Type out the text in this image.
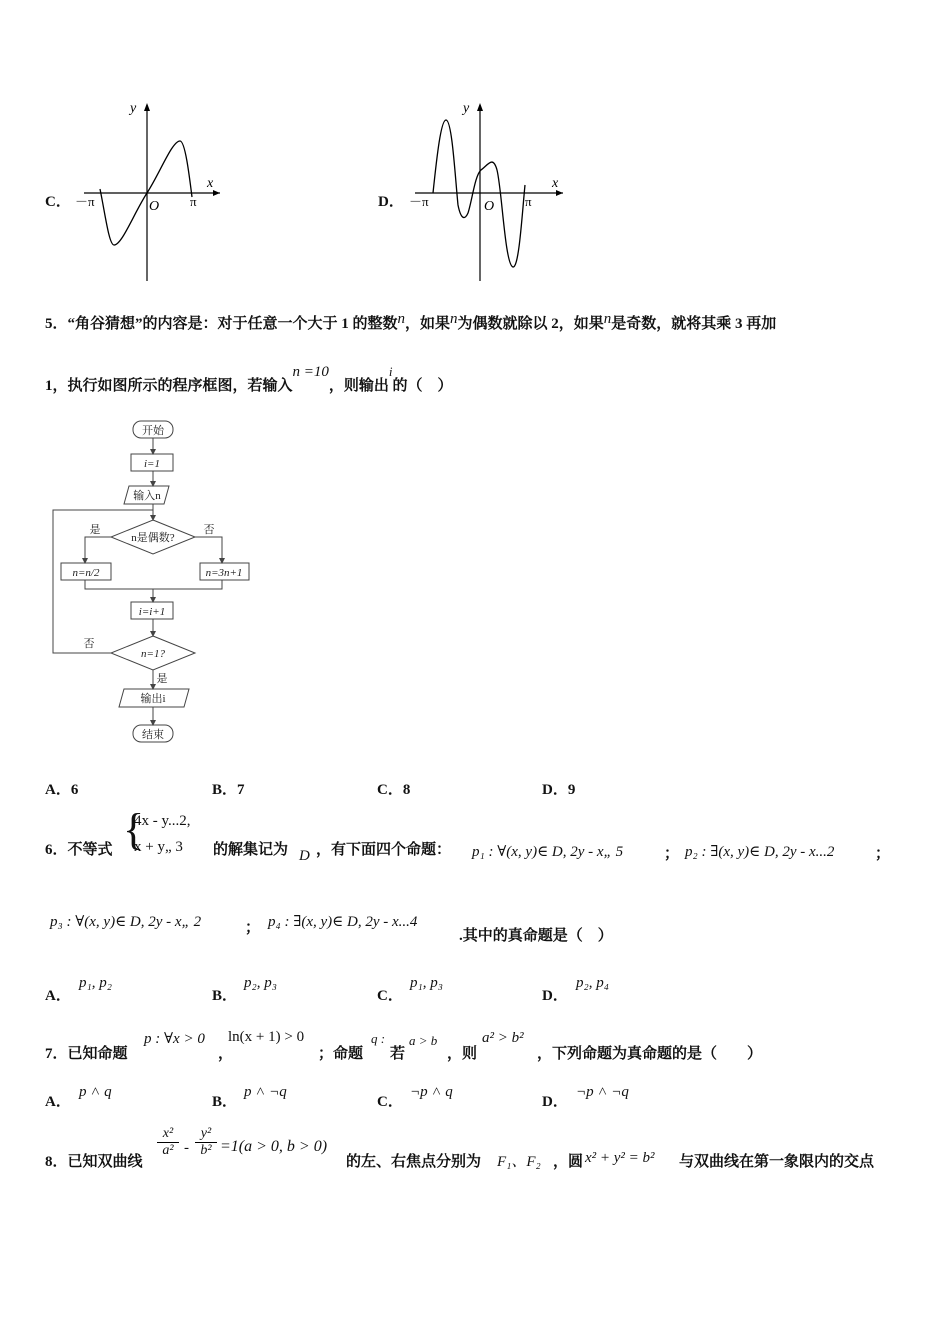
C．
y
x
－π	O π	D．
y
x
－π	O π
5．“角谷猜想”的内容是：对于任意一个大于 1 的整数n，如果n为偶数就除以 2，如果n是奇数，就将其乘 3 再加
1，执行如图所示的程序框图，若输入n =10，则输出i的（　）
开始
i=1
输入n
n是偶数?
是	否
n=n/2	n=3n+1
i=i+1
n=1?
否
是
输出i
结束
A．6	B．7	C．8	D．9
6．不等式 {
4x - y...2,
x + y„ 3 的解集记为 D ，有下面四个命题： p₁ : ∀(x, y)∈ D, 2y - x„ 5	； p₂ : ∃(x, y)∈ D, 2y - x...2	；
p₃ : ∀(x, y)∈ D, 2y - x„ 2	； p₄ : ∃(x, y)∈ D, 2y - x...4
.其中的真命题是（　）
A．
p₁, p₂
B．
p₂, p₃
C．
p₁, p₃
D．
p₂, p₄
7．已知命题
p : ∀x > 0
，
ln(x + 1) > 0
；命题
q :
若
a > b
，则
a² > b²
，下列命题为真命题的是（　　）
A．
p ˄ q
B．
p ˄ ¬q
C．
¬p ˄ q
D．
¬p ˄ ¬q
8．已知双曲线
$\frac{\text{x²}}{\text{a²}} - \frac{\text{y²}}{\text{b²}} =1(a > 0$, b > 0)
的左、右焦点分别为 F₁、F₂ ，圆 x² + y² = b² 与双曲线在第一象限内的交点
